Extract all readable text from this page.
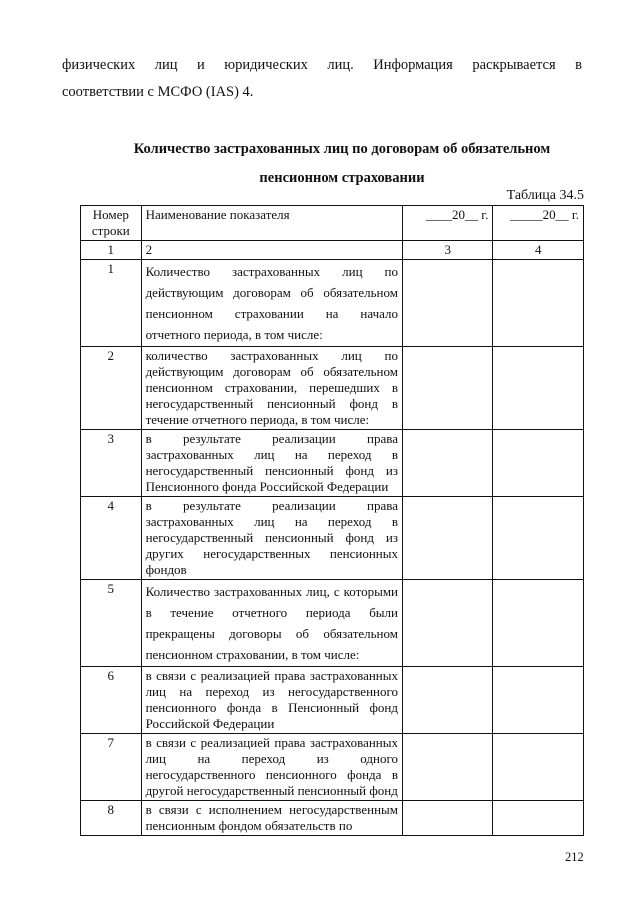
физических лиц и юридических лиц. Информация раскрывается в
соответствии с МСФО (IAS) 4.
Количество застрахованных лиц по договорам об обязательном
пенсионном страховании
Таблица 34.5
Номер строки	Наименование показателя	____20__ г.	_____20__ г.
1	2	3	4
1	Количество застрахованных лиц по действующим договорам об обязательном пенсионном страховании на начало отчетного периода, в том числе:		
2	количество застрахованных лиц по действующим договорам об обязательном пенсионном страховании, перешедших в негосударственный пенсионный фонд в течение отчетного периода, в том числе:		
3	в результате реализации права застрахованных лиц на переход в негосударственный пенсионный фонд из Пенсионного фонда Российской Федерации		
4	в результате реализации права застрахованных лиц на переход в негосударственный пенсионный фонд из других негосударственных пенсионных фондов		
5	Количество застрахованных лиц, с которыми в течение отчетного периода были прекращены договоры об обязательном пенсионном страховании, в том числе:		
6	в связи с реализацией права застрахованных лиц на переход из негосударственного пенсионного фонда в Пенсионный фонд Российской Федерации		
7	в связи с реализацией права застрахованных лиц на переход из одного негосударственного пенсионного фонда в другой негосударственный пенсионный фонд		
8	в связи с исполнением негосударственным пенсионным фондом обязательств по		
212
